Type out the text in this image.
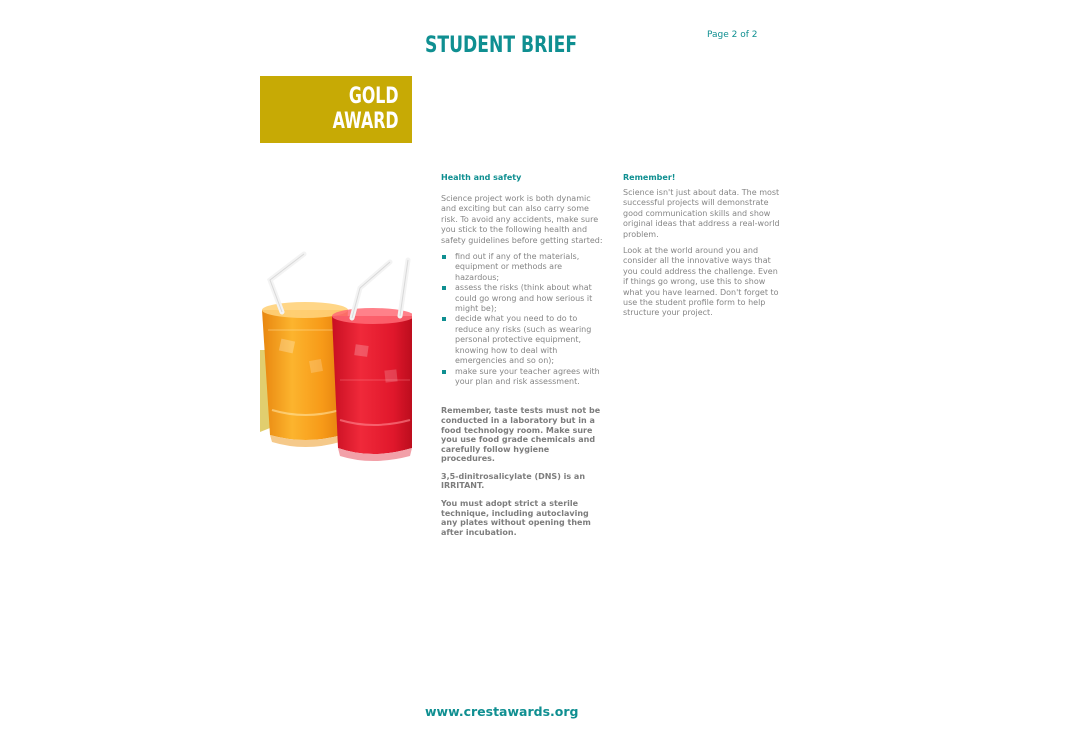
STUDENT BRIEF	Page 2 of 2
GOLD
AWARD
Health and safety

Science project work is both dynamic and exciting but can also carry some risk. To avoid any accidents, make sure you stick to the following health and safety guidelines before getting started:

find out if any of the materials, equipment or methods are hazardous;
assess the risks (think about what could go wrong and how serious it might be);
decide what you need to do to reduce any risks (such as wearing personal protective equipment, knowing how to deal with emergencies and so on);
make sure your teacher agrees with your plan and risk assessment.

Remember, taste tests must not be conducted in a laboratory but in a food technology room. Make sure you use food grade chemicals and carefully follow hygiene procedures.

3,5-dinitrosalicylate (DNS) is an IRRITANT.

You must adopt strict a sterile technique, including autoclaving any plates without opening them after incubation.

Remember!

Science isn't just about data. The most successful projects will demonstrate good communication skills and show original ideas that address a real-world problem.

Look at the world around you and consider all the innovative ways that you could address the challenge. Even if things go wrong, use this to show what you have learned. Don't forget to use the student profile form to help structure your project.

www.crestawards.org
